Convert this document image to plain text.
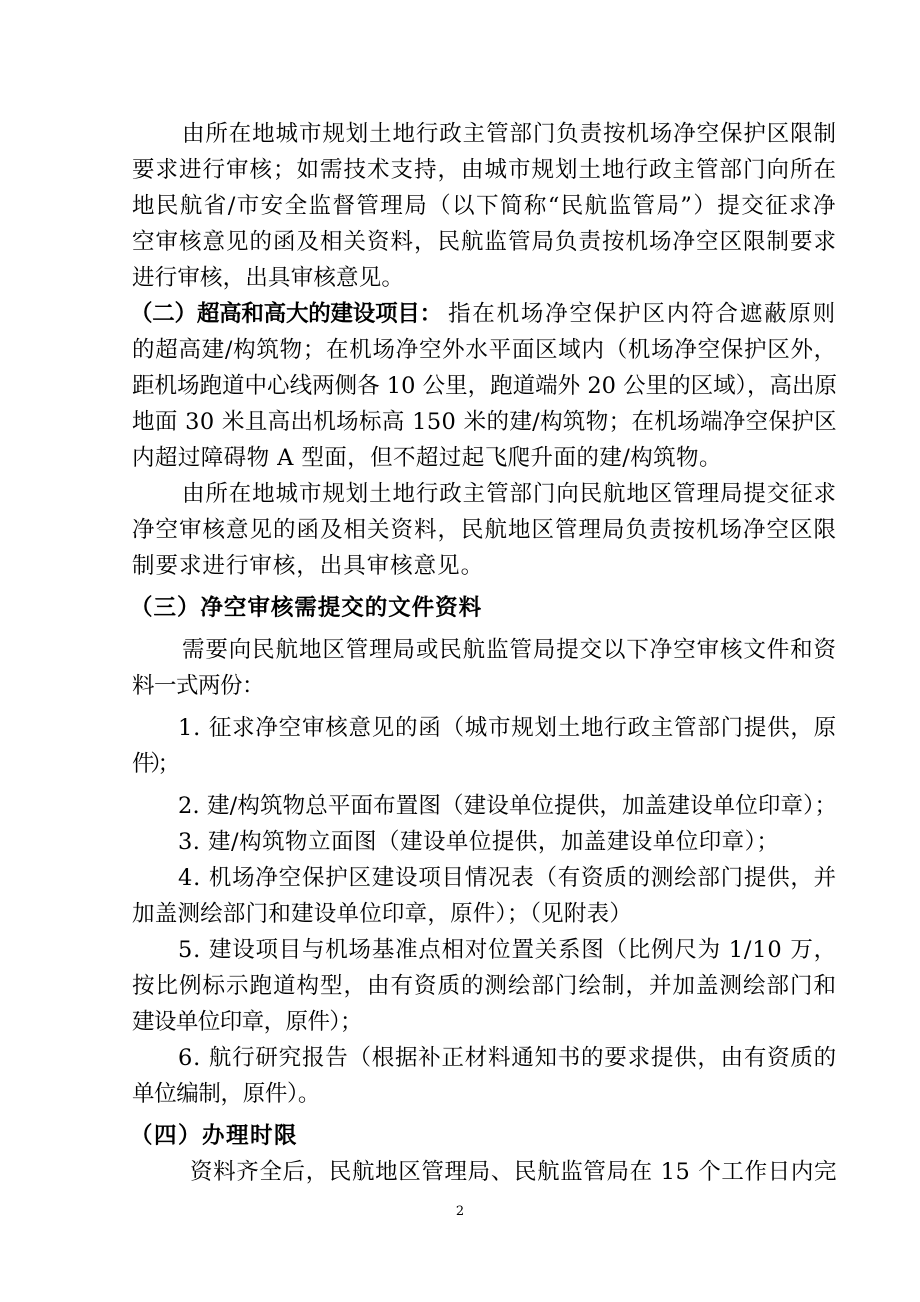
由所在地城市规划土地行政主管部门负责按机场净空保护区限制
要求进行审核；如需技术支持，由城市规划土地行政主管部门向所在
地民航省/市安全监督管理局（以下简称“民航监管局”）提交征求净
空审核意见的函及相关资料，民航监管局负责按机场净空区限制要求
进行审核，出具审核意见。
（二）超高和高大的建设项目： 指在机场净空保护区内符合遮蔽原则
的超高建/构筑物；在机场净空外水平面区域内（机场净空保护区外，
距机场跑道中心线两侧各 10 公里，跑道端外 20 公里的区域），高出原
地面 30 米且高出机场标高 150 米的建/构筑物；在机场端净空保护区
内超过障碍物 A 型面，但不超过起飞爬升面的建/构筑物。
由所在地城市规划土地行政主管部门向民航地区管理局提交征求
净空审核意见的函及相关资料，民航地区管理局负责按机场净空区限
制要求进行审核，出具审核意见。
（三）净空审核需提交的文件资料
需要向民航地区管理局或民航监管局提交以下净空审核文件和资
料一式两份：
1. 征求净空审核意见的函（城市规划土地行政主管部门提供，原
件）；
2. 建/构筑物总平面布置图（建设单位提供，加盖建设单位印章）；
3. 建/构筑物立面图（建设单位提供，加盖建设单位印章）；
4. 机场净空保护区建设项目情况表（有资质的测绘部门提供，并
加盖测绘部门和建设单位印章，原件）；（见附表）
5. 建设项目与机场基准点相对位置关系图（比例尺为 1/10 万，
按比例标示跑道构型，由有资质的测绘部门绘制，并加盖测绘部门和
建设单位印章，原件）；
6. 航行研究报告（根据补正材料通知书的要求提供，由有资质的
单位编制，原件）。
（四）办理时限
资料齐全后，民航地区管理局、民航监管局在 15 个工作日内完
2
